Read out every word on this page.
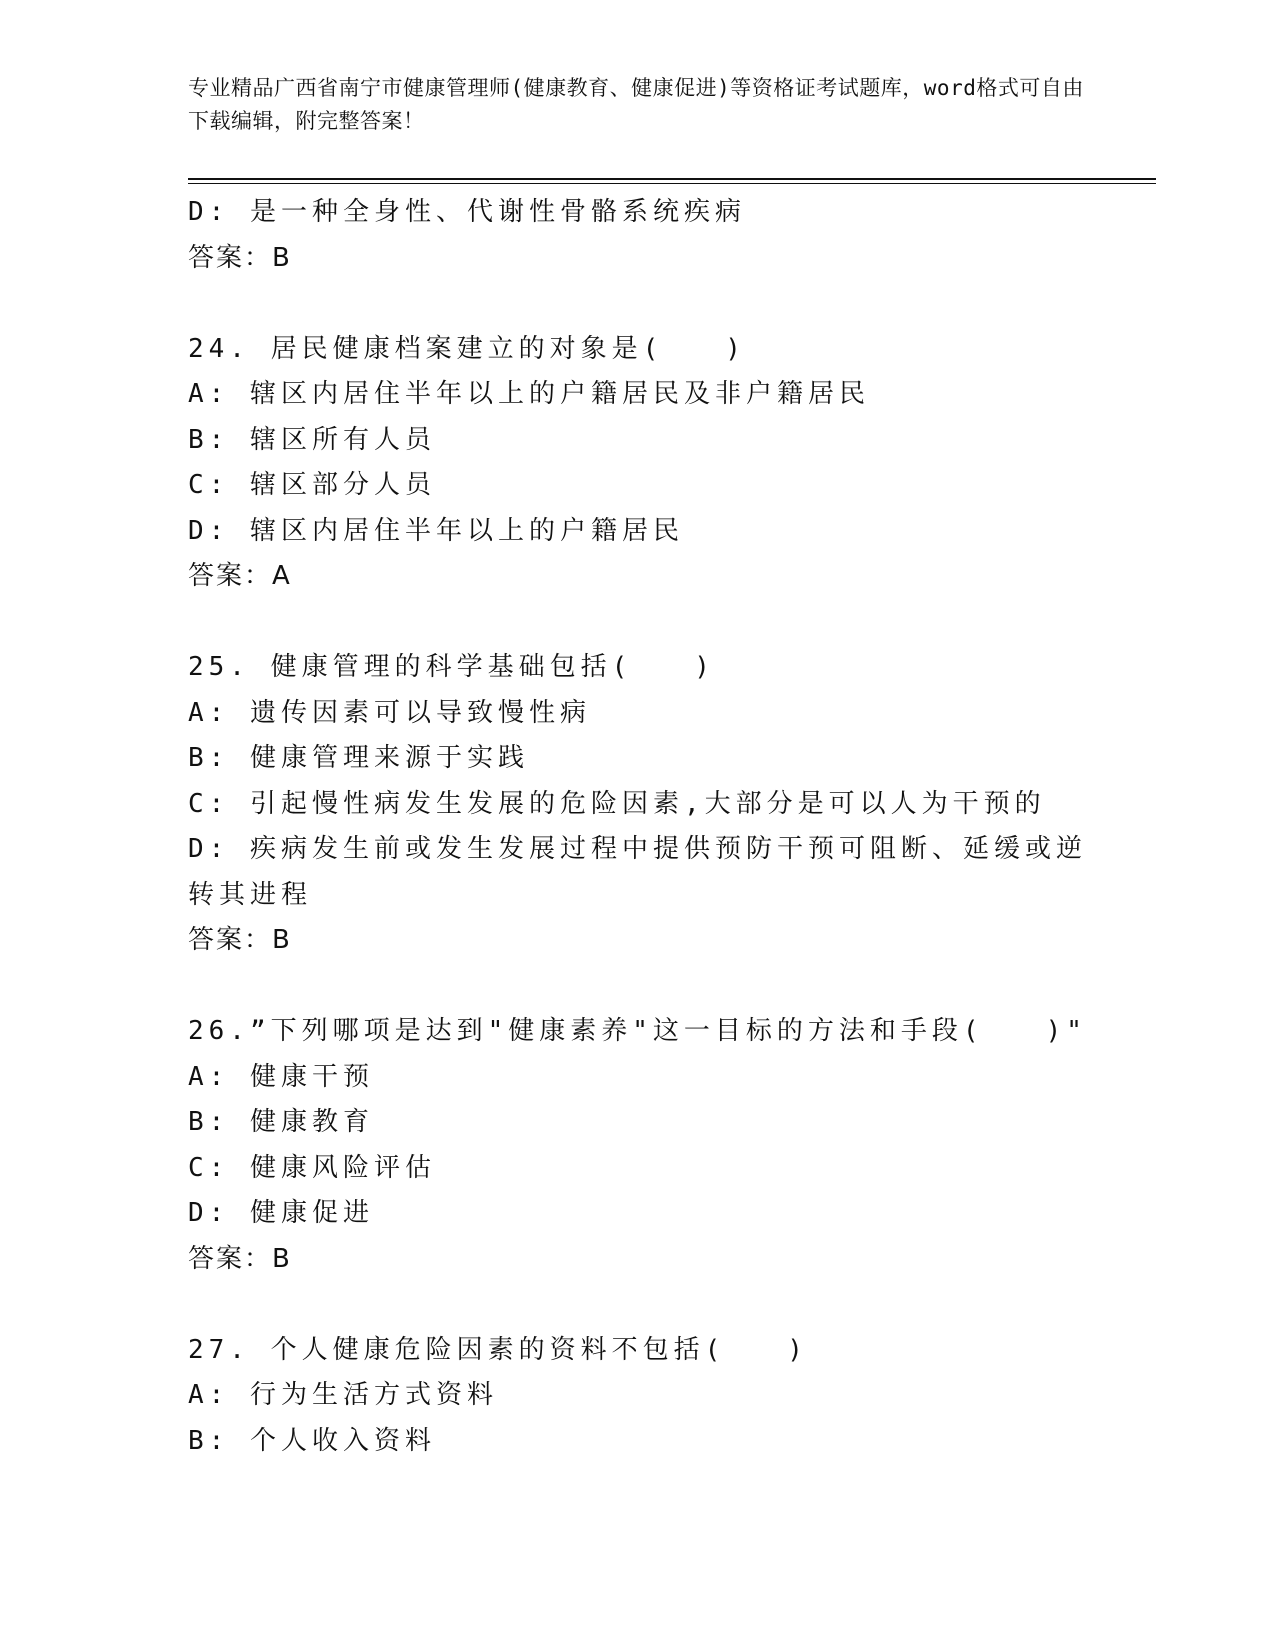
专业精品广西省南宁市健康管理师(健康教育、健康促进)等资格证考试题库，word格式可自由下载编辑，附完整答案！
D: 是一种全身性、代谢性骨骼系统疾病
答案：B
24. 居民健康档案建立的对象是(　　)
A: 辖区内居住半年以上的户籍居民及非户籍居民
B: 辖区所有人员
C: 辖区部分人员
D: 辖区内居住半年以上的户籍居民
答案：A
25. 健康管理的科学基础包括(　　)
A: 遗传因素可以导致慢性病
B: 健康管理来源于实践
C: 引起慢性病发生发展的危险因素,大部分是可以人为干预的
D: 疾病发生前或发生发展过程中提供预防干预可阻断、延缓或逆转其进程
答案：B
26.”下列哪项是达到"健康素养"这一目标的方法和手段(　　)"
A: 健康干预
B: 健康教育
C: 健康风险评估
D: 健康促进
答案：B
27. 个人健康危险因素的资料不包括(　　)
A: 行为生活方式资料
B: 个人收入资料
